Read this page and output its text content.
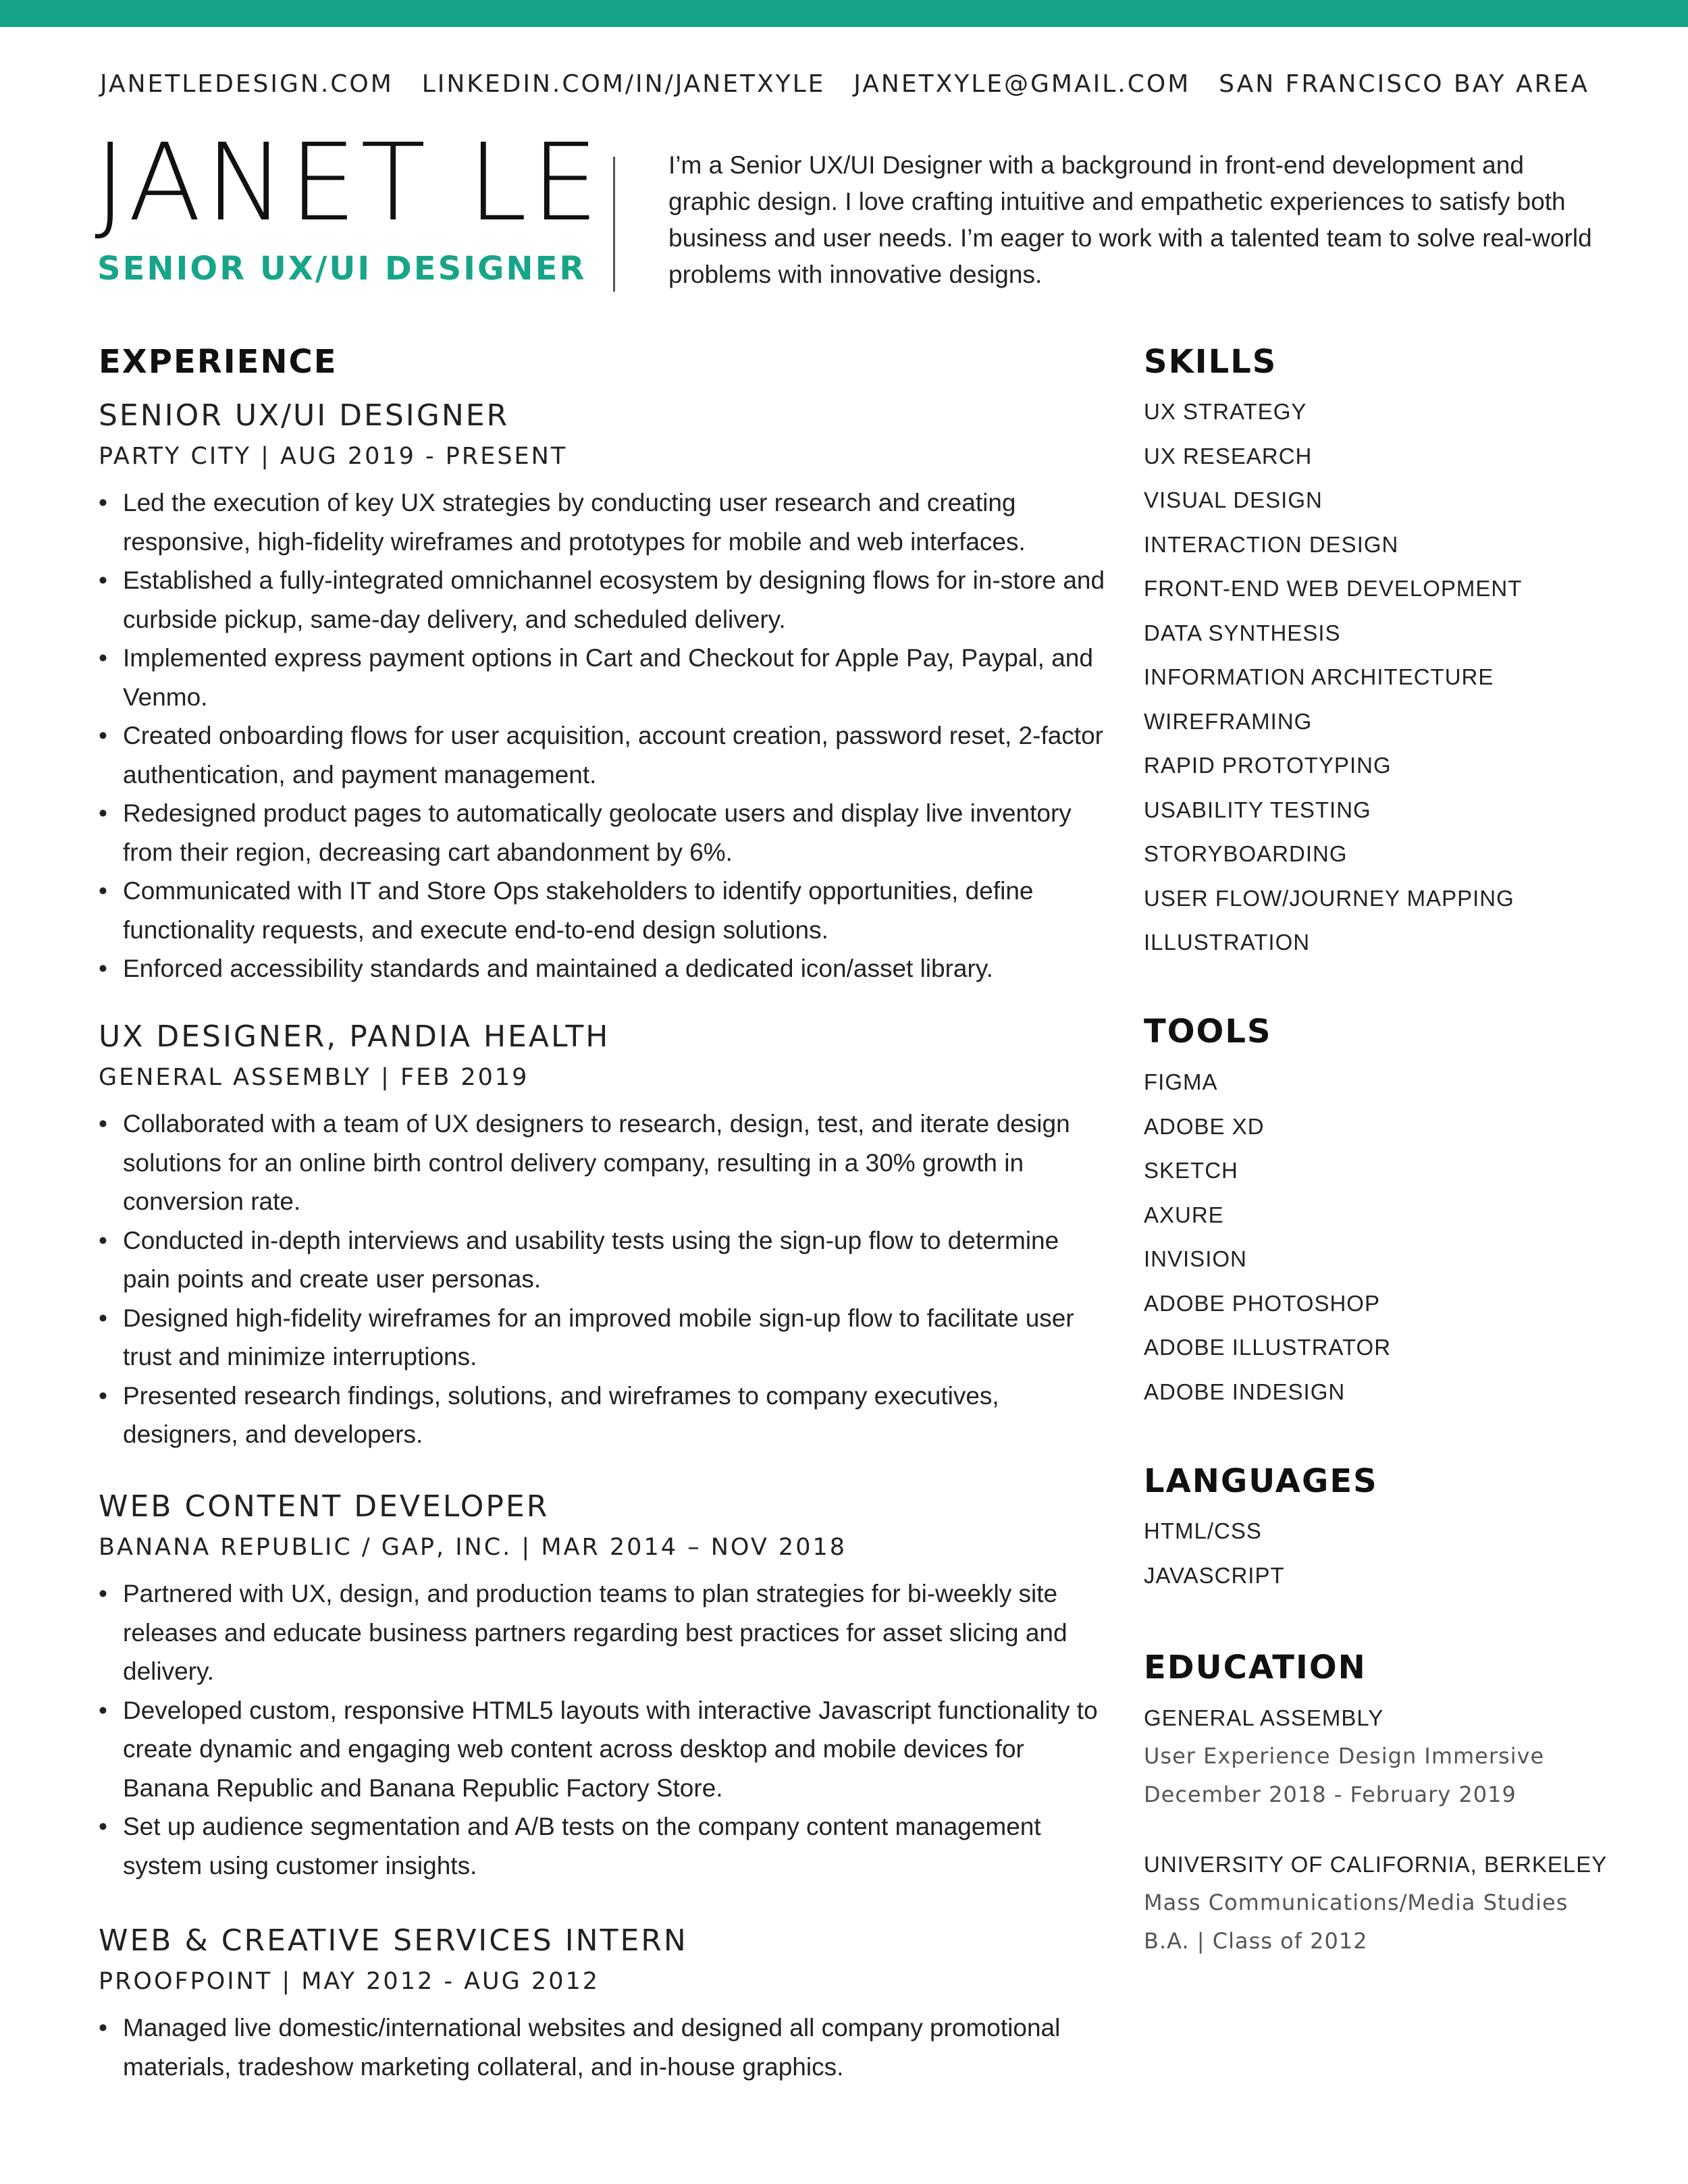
JANETLEDESIGN.COM LINKEDIN.COM/IN/JANETXYLE JANETXYLE@GMAIL.COM SAN FRANCISCO BAY AREA
JANET LE
SENIOR UX/UI DESIGNER
I’m a Senior UX/UI Designer with a background in front-end development and graphic design. I love crafting intuitive and empathetic experiences to satisfy both business and user needs. I’m eager to work with a talented team to solve real-world problems with innovative designs.
EXPERIENCE
SENIOR UX/UI DESIGNER
PARTY CITY | AUG 2019 - PRESENT
• Led the execution of key UX strategies by conducting user research and creating responsive, high-fidelity wireframes and prototypes for mobile and web interfaces.
• Established a fully-integrated omnichannel ecosystem by designing flows for in-store and curbside pickup, same-day delivery, and scheduled delivery.
• Implemented express payment options in Cart and Checkout for Apple Pay, Paypal, and Venmo.
• Created onboarding flows for user acquisition, account creation, password reset, 2-factor authentication, and payment management.
• Redesigned product pages to automatically geolocate users and display live inventory from their region, decreasing cart abandonment by 6%.
• Communicated with IT and Store Ops stakeholders to identify opportunities, define functionality requests, and execute end-to-end design solutions.
• Enforced accessibility standards and maintained a dedicated icon/asset library.
UX DESIGNER, PANDIA HEALTH
GENERAL ASSEMBLY | FEB 2019
• Collaborated with a team of UX designers to research, design, test, and iterate design solutions for an online birth control delivery company, resulting in a 30% growth in conversion rate.
• Conducted in-depth interviews and usability tests using the sign-up flow to determine pain points and create user personas.
• Designed high-fidelity wireframes for an improved mobile sign-up flow to facilitate user trust and minimize interruptions.
• Presented research findings, solutions, and wireframes to company executives, designers, and developers.
WEB CONTENT DEVELOPER
BANANA REPUBLIC / GAP, INC. | MAR 2014 – NOV 2018
• Partnered with UX, design, and production teams to plan strategies for bi-weekly site releases and educate business partners regarding best practices for asset slicing and delivery.
• Developed custom, responsive HTML5 layouts with interactive Javascript functionality to create dynamic and engaging web content across desktop and mobile devices for Banana Republic and Banana Republic Factory Store.
• Set up audience segmentation and A/B tests on the company content management system using customer insights.
WEB & CREATIVE SERVICES INTERN
PROOFPOINT | MAY 2012 - AUG 2012
• Managed live domestic/international websites and designed all company promotional materials, tradeshow marketing collateral, and in-house graphics.
SKILLS
UX STRATEGY
UX RESEARCH
VISUAL DESIGN
INTERACTION DESIGN
FRONT-END WEB DEVELOPMENT
DATA SYNTHESIS
INFORMATION ARCHITECTURE
WIREFRAMING
RAPID PROTOTYPING
USABILITY TESTING
STORYBOARDING
USER FLOW/JOURNEY MAPPING
ILLUSTRATION
TOOLS
FIGMA
ADOBE XD
SKETCH
AXURE
INVISION
ADOBE PHOTOSHOP
ADOBE ILLUSTRATOR
ADOBE INDESIGN
LANGUAGES
HTML/CSS
JAVASCRIPT
EDUCATION
GENERAL ASSEMBLY
User Experience Design Immersive
December 2018 - February 2019
UNIVERSITY OF CALIFORNIA, BERKELEY
Mass Communications/Media Studies
B.A. | Class of 2012
